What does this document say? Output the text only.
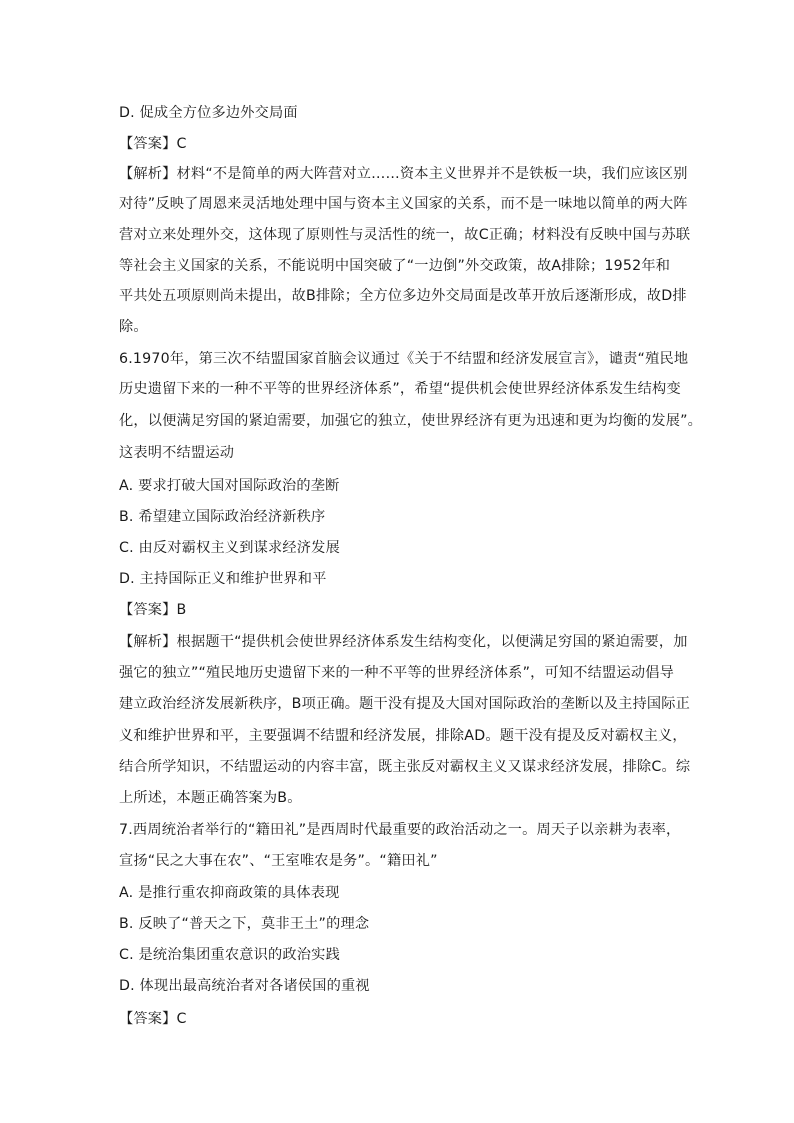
D. 促成全方位多边外交局面
【答案】C
【解析】材料“不是简单的两大阵营对立……资本主义世界并不是铁板一块，我们应该区别
对待”反映了周恩来灵活地处理中国与资本主义国家的关系，而不是一味地以简单的两大阵
营对立来处理外交，这体现了原则性与灵活性的统一，故C正确；材料没有反映中国与苏联
等社会主义国家的关系，不能说明中国突破了“一边倒”外交政策，故A排除；1952年和
平共处五项原则尚未提出，故B排除；全方位多边外交局面是改革开放后逐渐形成，故D排
除。
6.1970年，第三次不结盟国家首脑会议通过《关于不结盟和经济发展宣言》，谴责“殖民地
历史遗留下来的一种不平等的世界经济体系”，希望“提供机会使世界经济体系发生结构变
化，以便满足穷国的紧迫需要，加强它的独立，使世界经济有更为迅速和更为均衡的发展”。
这表明不结盟运动
A. 要求打破大国对国际政治的垄断
B. 希望建立国际政治经济新秩序
C. 由反对霸权主义到谋求经济发展
D. 主持国际正义和维护世界和平
【答案】B
【解析】根据题干“提供机会使世界经济体系发生结构变化，以便满足穷国的紧迫需要，加
强它的独立”“殖民地历史遗留下来的一种不平等的世界经济体系”，可知不结盟运动倡导
建立政治经济发展新秩序，B项正确。题干没有提及大国对国际政治的垄断以及主持国际正
义和维护世界和平，主要强调不结盟和经济发展，排除AD。题干没有提及反对霸权主义，
结合所学知识，不结盟运动的内容丰富，既主张反对霸权主义又谋求经济发展，排除C。综
上所述，本题正确答案为B。
7.西周统治者举行的“籍田礼”是西周时代最重要的政治活动之一。周天子以亲耕为表率，
宣扬“民之大事在农”、“王室唯农是务”。“籍田礼”
A. 是推行重农抑商政策的具体表现
B. 反映了“普天之下，莫非王土”的理念
C. 是统治集团重农意识的政治实践
D. 体现出最高统治者对各诸侯国的重视
【答案】C
